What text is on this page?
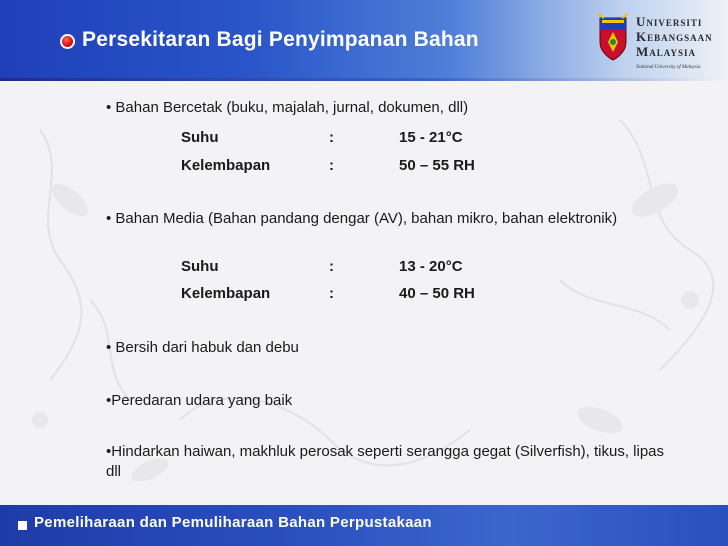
Persekitaran Bagi Penyimpanan Bahan
Universiti
Kebangsaan
Malaysia
National University of Malaysia
• Bahan Bercetak (buku, majalah, jurnal, dokumen, dll)
Suhu	:	15 - 21°C
Kelembapan	:	50 – 55 RH
• Bahan Media (Bahan pandang dengar (AV), bahan mikro, bahan elektronik)
Suhu	:	13 - 20°C
Kelembapan	:	40 – 50 RH
• Bersih dari habuk dan debu
•Peredaran udara yang baik
•Hindarkan haiwan, makhluk perosak seperti serangga gegat (Silverfish), tikus, lipas dll
Pemeliharaan dan Pemuliharaan Bahan Perpustakaan
